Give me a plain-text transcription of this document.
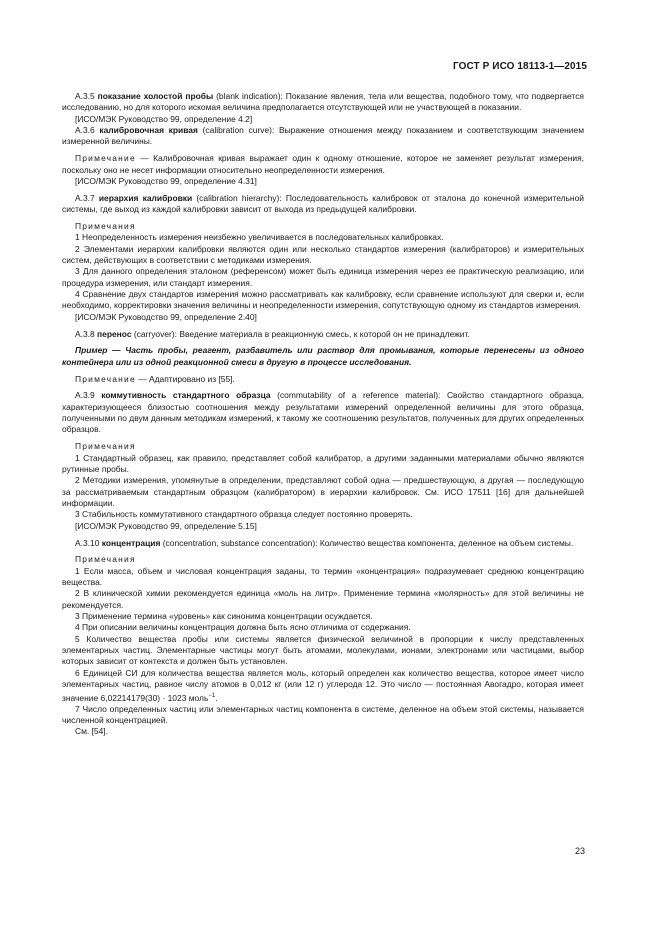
ГОСТ Р ИСО 18113-1—2015

А.3.5 показание холостой пробы (blank indication): Показание явления, тела или вещества, подобного тому, что подвергается исследованию, но для которого искомая величина предполагается отсутствующей или не участвующей в показании.

[ИСО/МЭК Руководство 99, определение 4.2]

А.3.6 калибровочная кривая (calibration curve): Выражение отношения между показанием и соответствующим значением измеренной величины.

Примечание — Калибровочная кривая выражает один к одному отношение, которое не заменяет результат измерения, поскольку оно не несет информации относительно неопределенности измерения.

[ИСО/МЭК Руководство 99, определение 4.31]

А.3.7 иерархия калибровки (calibration hierarchy): Последовательность калибровок от эталона до конечной измерительной системы, где выход из каждой калибровки зависит от выхода из предыдущей калибровки.

Примечания

1 Неопределенность измерения неизбежно увеличивается в последовательных калибровках.

2 Элементами иерархии калибровки являются один или несколько стандартов измерения (калибраторов) и измерительных систем, действующих в соответствии с методиками измерения.

3 Для данного определения эталоном (референсом) может быть единица измерения через ее практическую реализацию, или процедура измерения, или стандарт измерения.

4 Сравнение двух стандартов измерения можно рассматривать как калибровку, если сравнение используют для сверки и, если необходимо, корректировки значения величины и неопределенности измерения, сопутствующую одному из стандартов измерения.

[ИСО/МЭК Руководство 99, определение 2.40]

А.3.8 перенос (carryover): Введение материала в реакционную смесь, к которой он не принадлежит.

Пример — Часть пробы, реагент, разбавитель или раствор для промывания, которые перенесены из одного контейнера или из одной реакционной смеси в другую в процессе исследования.

Примечание — Адаптировано из [55].

А.3.9 коммутивность стандартного образца (commutability of a reference material): Свойство стандартного образца, характеризующееся близостью соотношения между результатами измерений определенной величины для этого образца, полученными по двум данным методикам измерений, к такому же соотношению результатов, полученных для других определенных образцов.

Примечания

1 Стандартный образец, как правило, представляет собой калибратор, а другими заданными материалами обычно являются рутинные пробы.

2 Методики измерения, упомянутые в определении, представляют собой одна — предшествующую, а другая — последующую за рассматриваемым стандартным образцом (калибратором) в иерархии калибровок. См. ИСО 17511 [16] для дальнейшей информации.

3 Стабильность коммутативного стандартного образца следует постоянно проверять.

[ИСО/МЭК Руководство 99, определение 5.15]

А.3.10 концентрация (concentration, substance concentration): Количество вещества компонента, деленное на объем системы.

Примечания

1 Если масса, объем и числовая концентрация заданы, то термин «концентрация» подразумевает среднюю концентрацию вещества.

2 В клинической химии рекомендуется единица «моль на литр». Применение термина «молярность» для этой величины не рекомендуется.

3 Применение термина «уровень» как синонима концентрации осуждается.

4 При описании величины концентрация должна быть ясно отличима от содержания.

5 Количество вещества пробы или системы является физической величиной в пропорции к числу представленных элементарных частиц. Элементарные частицы могут быть атомами, молекулами, ионами, электронами или частицами, выбор которых зависит от контекста и должен быть установлен.

6 Единицей СИ для количества вещества является моль, который определен как количество вещества, которое имеет число элементарных частиц, равное числу атомов в 0,012 кг (или 12 г) углерода 12. Это число — постоянная Авогадро, которая имеет значение 6,02214179(30) · 1023 моль$^{-1}$.

7 Число определенных частиц или элементарных частиц компонента в системе, деленное на объем этой системы, называется численной концентрацией.

См. [54].

23
